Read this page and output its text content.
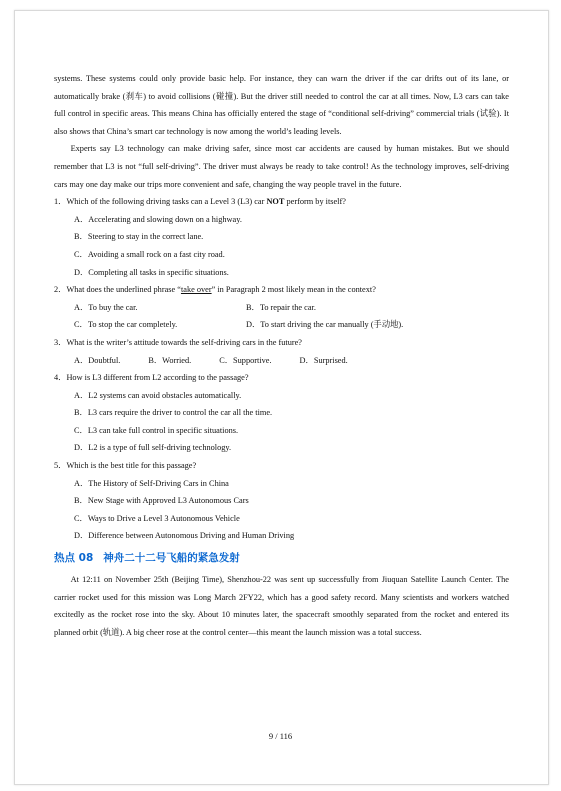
systems. These systems could only provide basic help. For instance, they can warn the driver if the car drifts out of its lane, or automatically brake (刹车) to avoid collisions (碰撞). But the driver still needed to control the car at all times. Now, L3 cars can take full control in specific areas. This means China has officially entered the stage of “conditional self-driving” commercial trials (试验). It also shows that China’s smart car technology is now among the world’s leading levels.

Experts say L3 technology can make driving safer, since most car accidents are caused by human mistakes. But we should remember that L3 is not “full self-driving”. The driver must always be ready to take control! As the technology improves, self-driving cars may one day make our trips more convenient and safe, changing the way people travel in the future.

1．Which of the following driving tasks can a Level 3 (L3) car NOT perform by itself?
A．Accelerating and slowing down on a highway.
B．Steering to stay in the correct lane.
C．Avoiding a small rock on a fast city road.
D．Completing all tasks in specific situations.
2．What does the underlined phrase “take over” in Paragraph 2 most likely mean in the context?
A．To buy the car.	B．To repair the car.
C．To stop the car completely.	D．To start driving the car manually (手动地).
3．What is the writer’s attitude towards the self-driving cars in the future?
A．Doubtful.	B．Worried.	C．Supportive.	D．Surprised.
4．How is L3 different from L2 according to the passage?
A．L2 systems can avoid obstacles automatically.
B．L3 cars require the driver to control the car all the time.
C．L3 can take full control in specific situations.
D．L2 is a type of full self-driving technology.
5．Which is the best title for this passage?
A．The History of Self-Driving Cars in China
B．New Stage with Approved L3 Autonomous Cars
C．Ways to Drive a Level 3 Autonomous Vehicle
D．Difference between Autonomous Driving and Human Driving
热点 08 神舟二十二号飞船的紧急发射

At 12:11 on November 25th (Beijing Time), Shenzhou-22 was sent up successfully from Jiuquan Satellite Launch Center. The carrier rocket used for this mission was Long March 2FY22, which has a good safety record. Many scientists and workers watched excitedly as the rocket rose into the sky. About 10 minutes later, the spacecraft smoothly separated from the rocket and entered its planned orbit (轨道). A big cheer rose at the control center—this meant the launch mission was a total success.

9 / 116
